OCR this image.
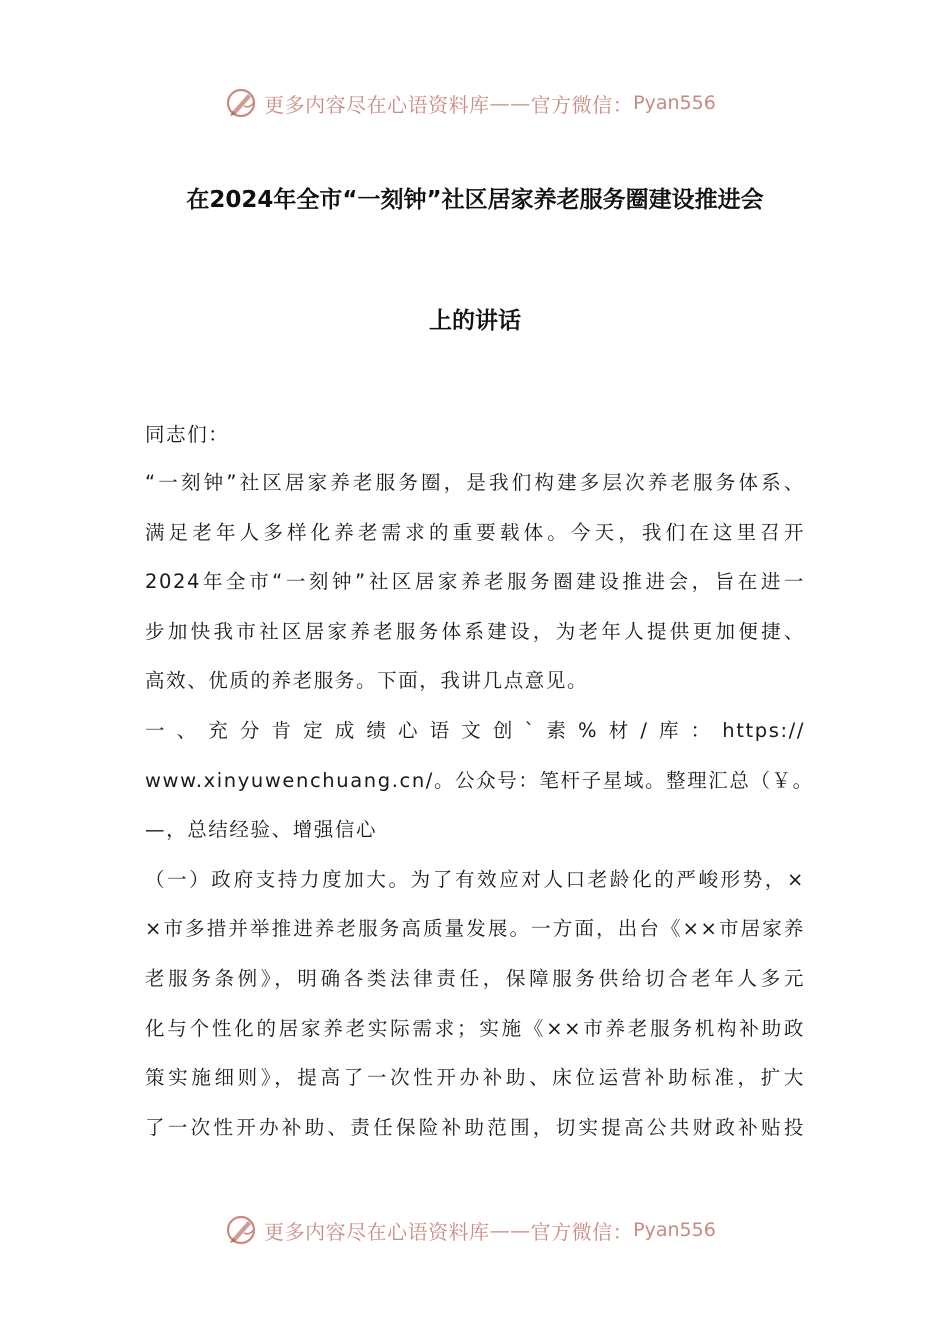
更多内容尽在心语资料库 —— 官方微信： Pyan556
在2024年全市“一刻钟”社区居家养老服务圈建设推进会
上的讲话
同志们：
“一刻钟”社区居家养老服务圈，是我们构建多层次养老服务体系、
满足老年人多样化养老需求的重要载体。今天，我们在这里召开
2024年全市“一刻钟”社区居家养老服务圈建设推进会，旨在进一
步加快我市社区居家养老服务体系建设，为老年人提供更加便捷、
高效、优质的养老服务。下面，我讲几点意见。
一、充分肯定成绩心语文创`素%材/库：https://
www.xinyuwenchuang.cn/。公众号：笔杆子星域。整理汇总（￥。
—，总结经验、增强信心
（一）政府支持力度加大。为了有效应对人口老龄化的严峻形势，×
×市多措并举推进养老服务高质量发展。一方面，出台《××市居家养
老服务条例》，明确各类法律责任，保障服务供给切合老年人多元
化与个性化的居家养老实际需求；实施《××市养老服务机构补助政
策实施细则》，提高了一次性开办补助、床位运营补助标准，扩大
了一次性开办补助、责任保险补助范围，切实提高公共财政补贴投
更多内容尽在心语资料库 —— 官方微信： Pyan556
